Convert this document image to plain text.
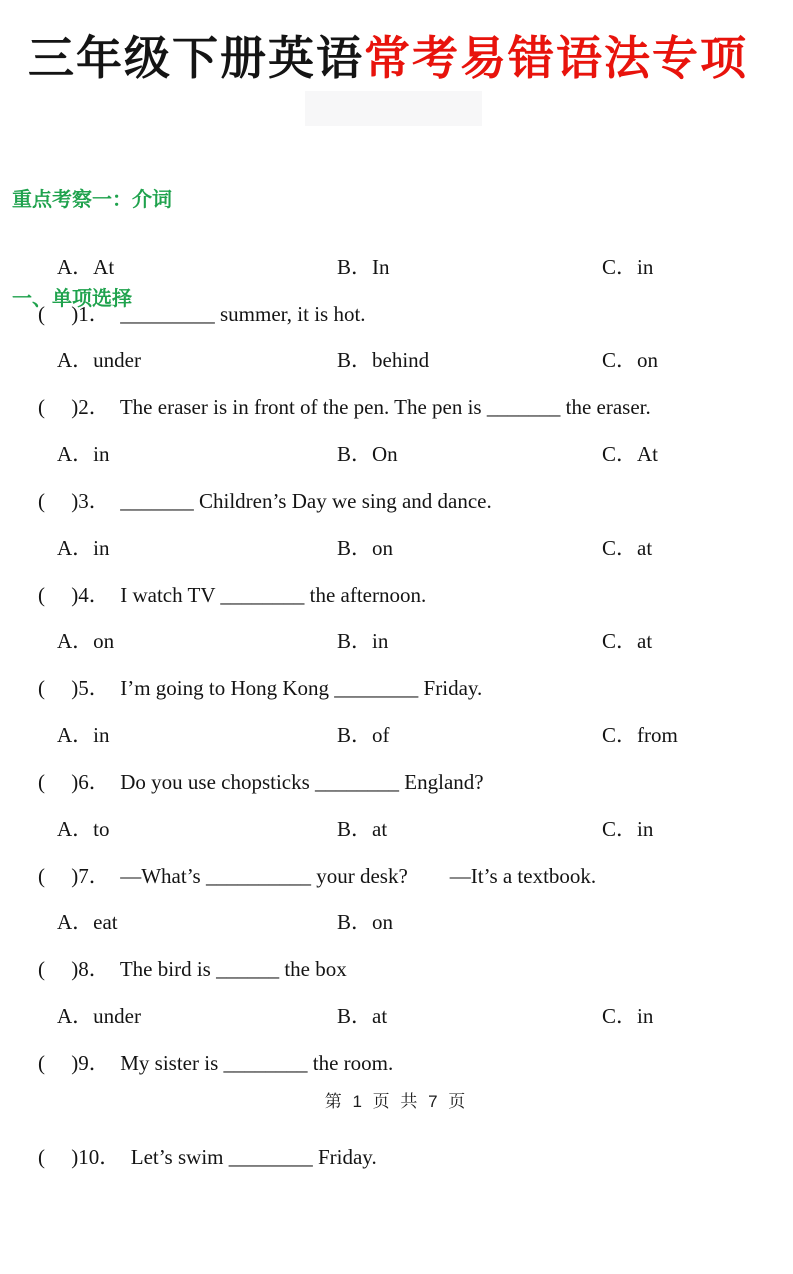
三年级下册英语常考易错语法专项

重点考察一：介词

一、单项选择

(     )1．  _________ summer, it is hot.

A．At

	B．In

	C．in

(     )2．  The eraser is in front of the pen. The pen is _______ the eraser.

A．under

	B．behind

	C．on

(     )3．  _______ Children’s Day we sing and dance.

A．in

	B．On

	C．At

(     )4．  I watch TV ________ the afternoon.

A．in

	B．on

	C．at

(     )5．  I’m going to Hong Kong ________ Friday.

A．on

	B．in

	C．at

(     )6．  Do you use chopsticks ________ England?

A．in

	B．of

	C．from

(     )7．  —What’s __________ your desk?        —It’s a textbook.

A．to

	B．at

	C．in

(     )8．  The bird is ______ the box

A．eat

	B．on

(     )9．  My sister is ________ the room.

A．under

	B．at

	C．in

(     )10．  Let’s swim ________ Friday.

第 1 页 共 7 页
